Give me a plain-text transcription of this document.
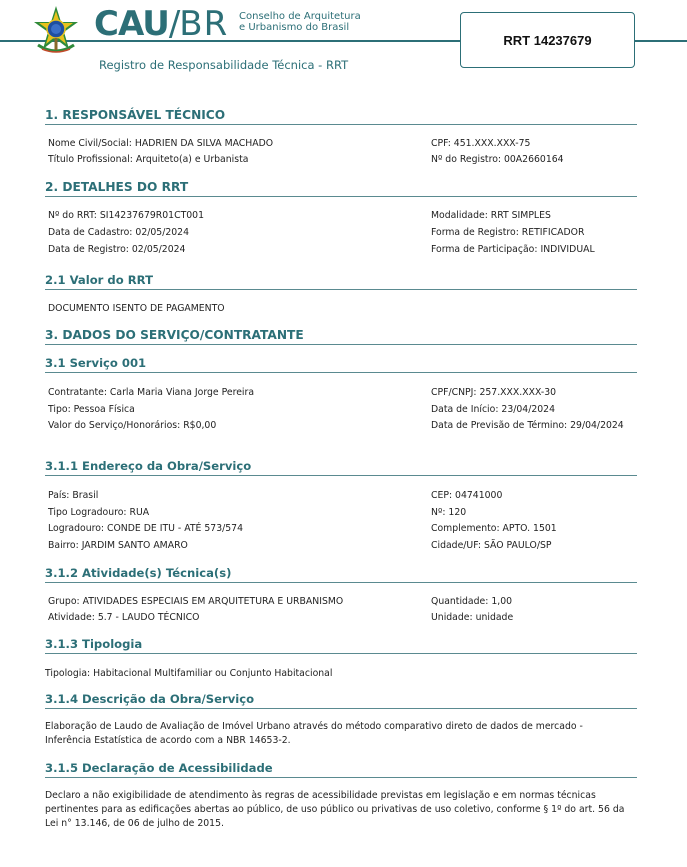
CAU/BR Conselho de Arquitetura
e Urbanismo do Brasil
Registro de Responsabilidade Técnica - RRT
RRT 14237679
1. RESPONSÁVEL TÉCNICO
Nome Civil/Social: HADRIEN DA SILVA MACHADO
Título Profissional: Arquiteto(a) e Urbanista
CPF: 451.XXX.XXX-75
Nº do Registro: 00A2660164
2. DETALHES DO RRT
Nº do RRT: SI14237679R01CT001
Data de Cadastro: 02/05/2024
Data de Registro: 02/05/2024
Modalidade: RRT SIMPLES
Forma de Registro: RETIFICADOR
Forma de Participação: INDIVIDUAL
2.1 Valor do RRT
DOCUMENTO ISENTO DE PAGAMENTO
3. DADOS DO SERVIÇO/CONTRATANTE
3.1 Serviço 001
Contratante: Carla Maria Viana Jorge Pereira
Tipo: Pessoa Física
Valor do Serviço/Honorários: R$0,00
CPF/CNPJ: 257.XXX.XXX-30
Data de Início: 23/04/2024
Data de Previsão de Término: 29/04/2024
3.1.1 Endereço da Obra/Serviço
País: Brasil
Tipo Logradouro: RUA
Logradouro: CONDE DE ITU - ATÉ 573/574
Bairro: JARDIM SANTO AMARO
CEP: 04741000
Nº: 120
Complemento: APTO. 1501
Cidade/UF: SÃO PAULO/SP
3.1.2 Atividade(s) Técnica(s)
Grupo: ATIVIDADES ESPECIAIS EM ARQUITETURA E URBANISMO
Atividade: 5.7 - LAUDO TÉCNICO
Quantidade: 1,00
Unidade: unidade
3.1.3 Tipologia
Tipologia: Habitacional Multifamiliar ou Conjunto Habitacional
3.1.4 Descrição da Obra/Serviço
Elaboração de Laudo de Avaliação de Imóvel Urbano através do método comparativo direto de dados de mercado -
Inferência Estatística de acordo com a NBR 14653-2.
3.1.5 Declaração de Acessibilidade
Declaro a não exigibilidade de atendimento às regras de acessibilidade previstas em legislação e em normas técnicas
pertinentes para as edificações abertas ao público, de uso público ou privativas de uso coletivo, conforme § 1º do art. 56 da
Lei n° 13.146, de 06 de julho de 2015.
